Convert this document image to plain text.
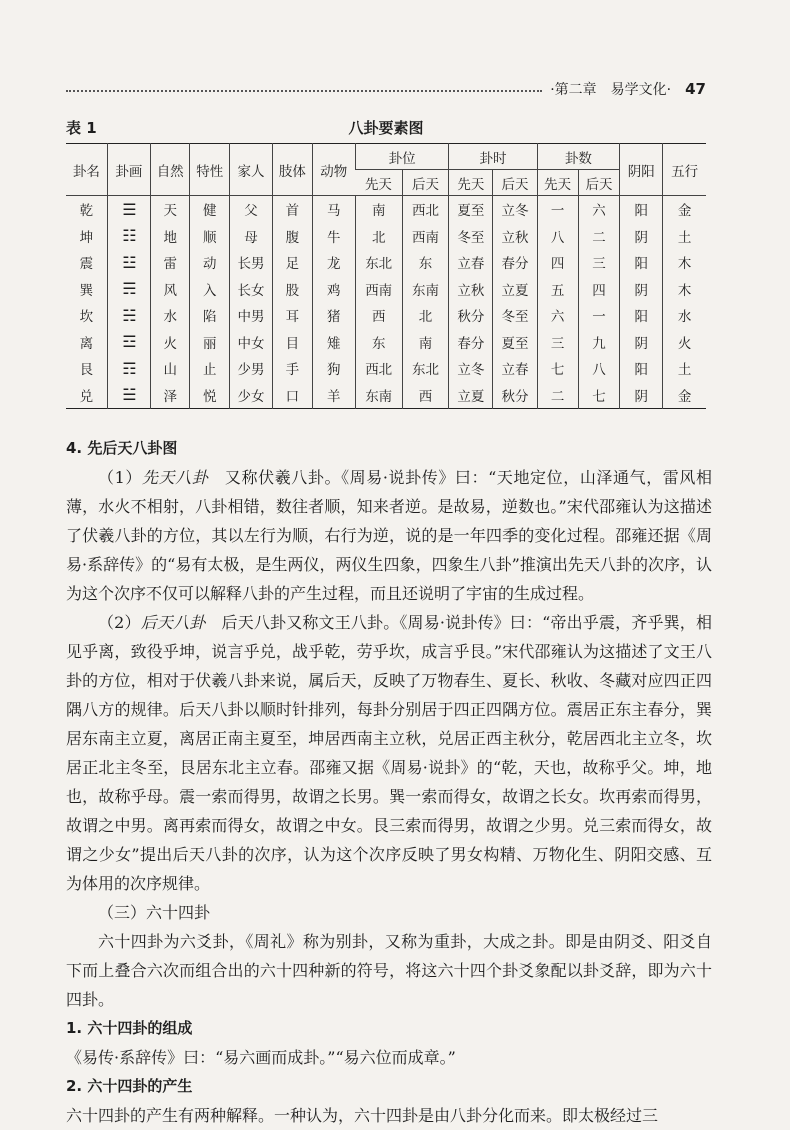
·第二章　易学文化· 47
表 1	八卦要素图
卦名	卦画	自然	特性	家人	肢体	动物	卦位		卦时		卦数		阴阳	五行
							先天	后天	先天	后天	先天	后天		
乾	☰	天	健	父	首	马	南	西北	夏至	立冬	一	六	阳	金
坤	☷	地	顺	母	腹	牛	北	西南	冬至	立秋	八	二	阴	土
震	☳	雷	动	长男	足	龙	东北	东	立春	春分	四	三	阳	木
巽	☴	风	入	长女	股	鸡	西南	东南	立秋	立夏	五	四	阴	木
坎	☵	水	陷	中男	耳	猪	西	北	秋分	冬至	六	一	阳	水
离	☲	火	丽	中女	目	雉	东	南	春分	夏至	三	九	阴	火
艮	☶	山	止	少男	手	狗	西北	东北	立冬	立春	七	八	阳	土
兑	☱	泽	悦	少女	口	羊	东南	西	立夏	秋分	二	七	阴	金
4. 先后天八卦图

（1）先天八卦　又称伏羲八卦。《周易·说卦传》曰：“天地定位，山泽通气，雷风相薄，水火不相射，八卦相错，数往者顺，知来者逆。是故易，逆数也。”宋代邵雍认为这描述了伏羲八卦的方位，其以左行为顺，右行为逆，说的是一年四季的变化过程。邵雍还据《周易·系辞传》的“易有太极，是生两仪，两仪生四象，四象生八卦”推演出先天八卦的次序，认为这个次序不仅可以解释八卦的产生过程，而且还说明了宇宙的生成过程。

（2）后天八卦　后天八卦又称文王八卦。《周易·说卦传》曰：“帝出乎震，齐乎巽，相见乎离，致役乎坤，说言乎兑，战乎乾，劳乎坎，成言乎艮。”宋代邵雍认为这描述了文王八卦的方位，相对于伏羲八卦来说，属后天，反映了万物春生、夏长、秋收、冬藏对应四正四隅八方的规律。后天八卦以顺时针排列，每卦分别居于四正四隅方位。震居正东主春分，巽居东南主立夏，离居正南主夏至，坤居西南主立秋，兑居正西主秋分，乾居西北主立冬，坎居正北主冬至，艮居东北主立春。邵雍又据《周易·说卦》的“乾，天也，故称乎父。坤，地也，故称乎母。震一索而得男，故谓之长男。巽一索而得女，故谓之长女。坎再索而得男，故谓之中男。离再索而得女，故谓之中女。艮三索而得男，故谓之少男。兑三索而得女，故谓之少女”提出后天八卦的次序，认为这个次序反映了男女构精、万物化生、阴阳交感、互为体用的次序规律。

（三）六十四卦

六十四卦为六爻卦，《周礼》称为别卦，又称为重卦，大成之卦。即是由阴爻、阳爻自下而上叠合六次而组合出的六十四种新的符号，将这六十四个卦爻象配以卦爻辞，即为六十四卦。

1. 六十四卦的组成

《易传·系辞传》曰：“易六画而成卦。”“易六位而成章。”

2. 六十四卦的产生

六十四卦的产生有两种解释。一种认为，六十四卦是由八卦分化而来。即太极经过三
